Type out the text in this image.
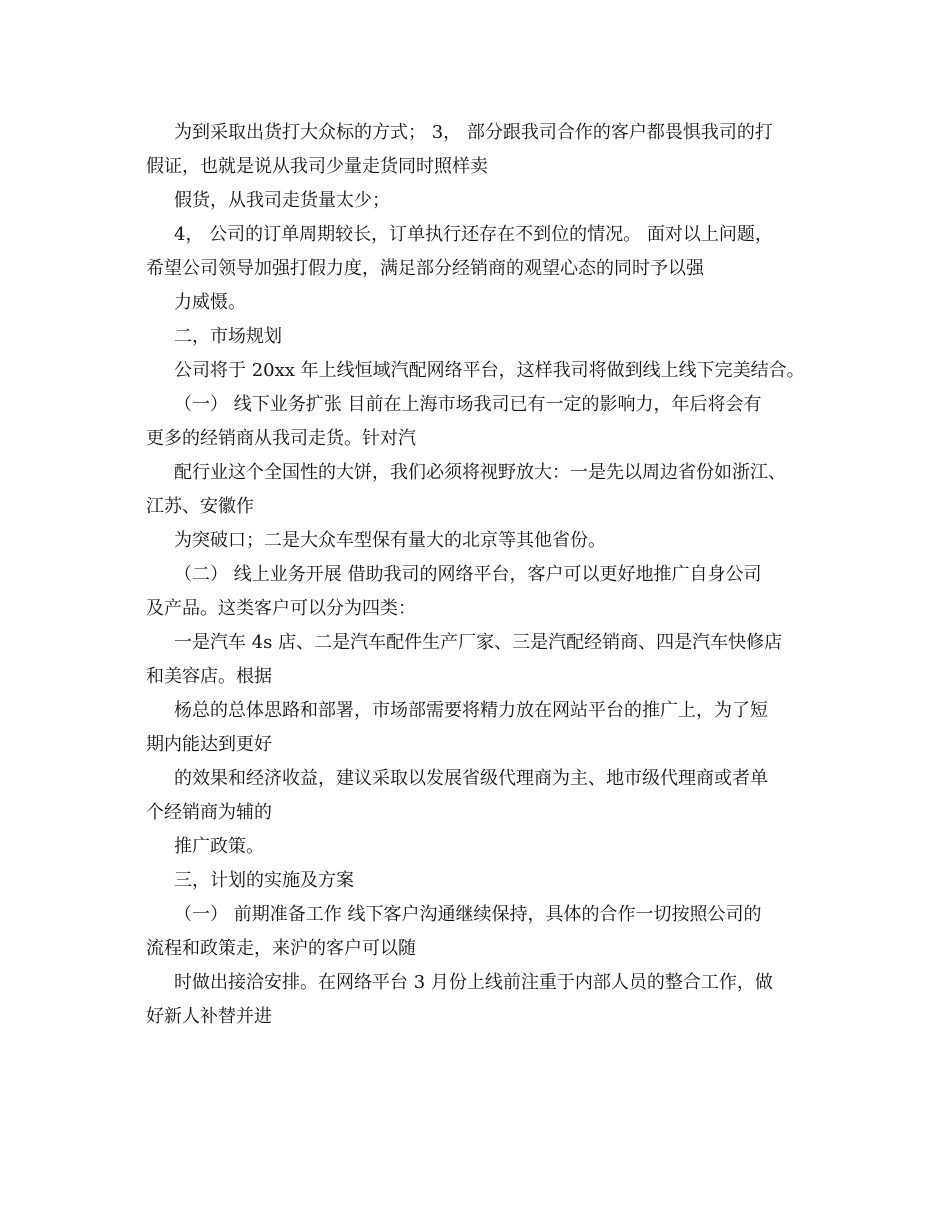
为到采取出货打大众标的方式； 3， 部分跟我司合作的客户都畏惧我司的打
假证，也就是说从我司少量走货同时照样卖
假货，从我司走货量太少；
4， 公司的订单周期较长，订单执行还存在不到位的情况。 面对以上问题，
希望公司领导加强打假力度，满足部分经销商的观望心态的同时予以强
力威慑。
二，市场规划
公司将于 20xx 年上线恒域汽配网络平台，这样我司将做到线上线下完美结合。
（一） 线下业务扩张 目前在上海市场我司已有一定的影响力，年后将会有
更多的经销商从我司走货。针对汽
配行业这个全国性的大饼，我们必须将视野放大：一是先以周边省份如浙江、
江苏、安徽作
为突破口；二是大众车型保有量大的北京等其他省份。
（二） 线上业务开展 借助我司的网络平台，客户可以更好地推广自身公司
及产品。这类客户可以分为四类：
一是汽车 4s 店、二是汽车配件生产厂家、三是汽配经销商、四是汽车快修店
和美容店。根据
杨总的总体思路和部署，市场部需要将精力放在网站平台的推广上，为了短
期内能达到更好
的效果和经济收益，建议采取以发展省级代理商为主、地市级代理商或者单
个经销商为辅的
推广政策。
三，计划的实施及方案
（一） 前期准备工作 线下客户沟通继续保持，具体的合作一切按照公司的
流程和政策走，来沪的客户可以随
时做出接洽安排。在网络平台 3 月份上线前注重于内部人员的整合工作，做
好新人补替并进
